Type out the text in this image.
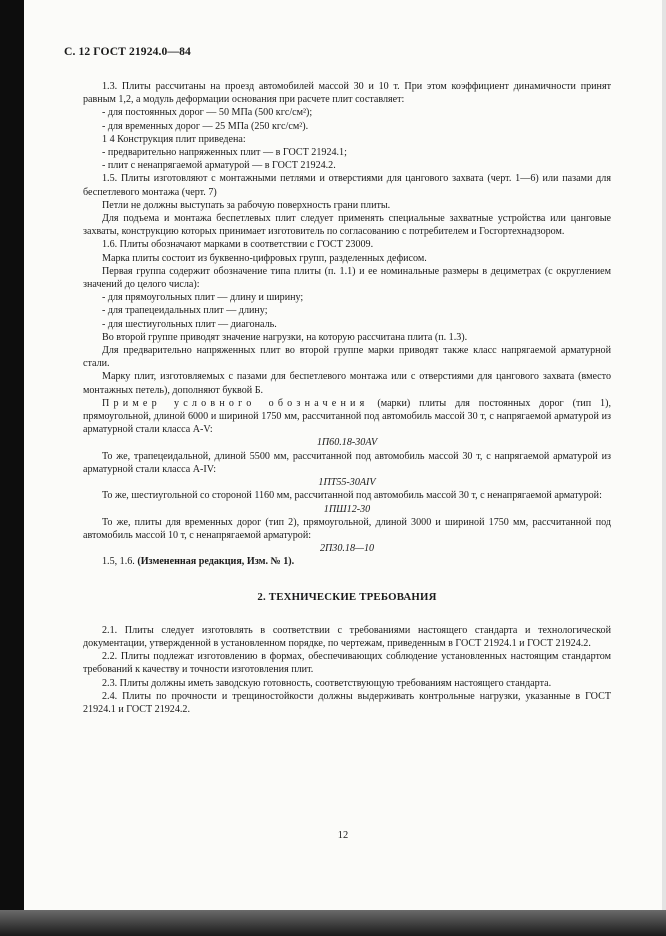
С. 12 ГОСТ 21924.0—84

1.3. Плиты рассчитаны на проезд автомобилей массой 30 и 10 т. При этом коэффициент динамичности принят равным 1,2, а модуль деформации основания при расчете плит составляет:

- для постоянных дорог — 50 МПа (500 кгс/см²);

- для временных дорог — 25 МПа (250 кгс/см²).

1 4 Конструкция плит приведена:

- предварительно напряженных плит — в ГОСТ 21924.1;

- плит с ненапрягаемой арматурой — в ГОСТ 21924.2.

1.5. Плиты изготовляют с монтажными петлями и отверстиями для цангового захвата (черт. 1—6) или пазами для беспетлевого монтажа (черт. 7)

Петли не должны выступать за рабочую поверхность грани плиты.

Для подъема и монтажа беспетлевых плит следует применять специальные захватные устройства или цанговые захваты, конструкцию которых принимает изготовитель по согласованию с потребителем и Госгортехнадзором.

1.6. Плиты обозначают марками в соответствии с ГОСТ 23009.

Марка плиты состоит из буквенно-цифровых групп, разделенных дефисом.

Первая группа содержит обозначение типа плиты (п. 1.1) и ее номинальные размеры в дециметрах (с округлением значений до целого числа):

- для прямоугольных плит — длину и ширину;

- для трапецеидальных плит — длину;

- для шестиугольных плит — диагональ.

Во второй группе приводят значение нагрузки, на которую рассчитана плита (п. 1.3).

Для предварительно напряженных плит во второй группе марки приводят также класс напрягаемой арматурной стали.

Марку плит, изготовляемых с пазами для беспетлевого монтажа или с отверстиями для цангового захвата (вместо монтажных петель), дополняют буквой Б.

Пример условного обозначения (марки) плиты для постоянных дорог (тип 1), прямоугольной, длиной 6000 и шириной 1750 мм, рассчитанной под автомобиль массой 30 т, с напрягаемой арматурой из арматурной стали класса А-V:

1П60.18-30AV

То же, трапецеидальной, длиной 5500 мм, рассчитанной под автомобиль массой 30 т, с напрягаемой арматурой из арматурной стали класса А-IV:

1ПТ55-30AIV

То же, шестиугольной со стороной 1160 мм, рассчитанной под автомобиль массой 30 т, с ненапрягаемой арматурой:

1ПШ12-30

То же, плиты для временных дорог (тип 2), прямоугольной, длиной 3000 и шириной 1750 мм, рассчитанной под автомобиль массой 10 т, с ненапрягаемой арматурой:

2П30.18—10

1.5, 1.6. (Измененная редакция, Изм. № 1).

2. ТЕХНИЧЕСКИЕ ТРЕБОВАНИЯ

2.1. Плиты следует изготовлять в соответствии с требованиями настоящего стандарта и технологической документации, утвержденной в установленном порядке, по чертежам, приведенным в ГОСТ 21924.1 и ГОСТ 21924.2.

2.2. Плиты подлежат изготовлению в формах, обеспечивающих соблюдение установленных настоящим стандартом требований к качеству и точности изготовления плит.

2.3. Плиты должны иметь заводскую готовность, соответствующую требованиям настоящего стандарта.

2.4. Плиты по прочности и трещиностойкости должны выдерживать контрольные нагрузки, указанные в ГОСТ 21924.1 и ГОСТ 21924.2.

12
